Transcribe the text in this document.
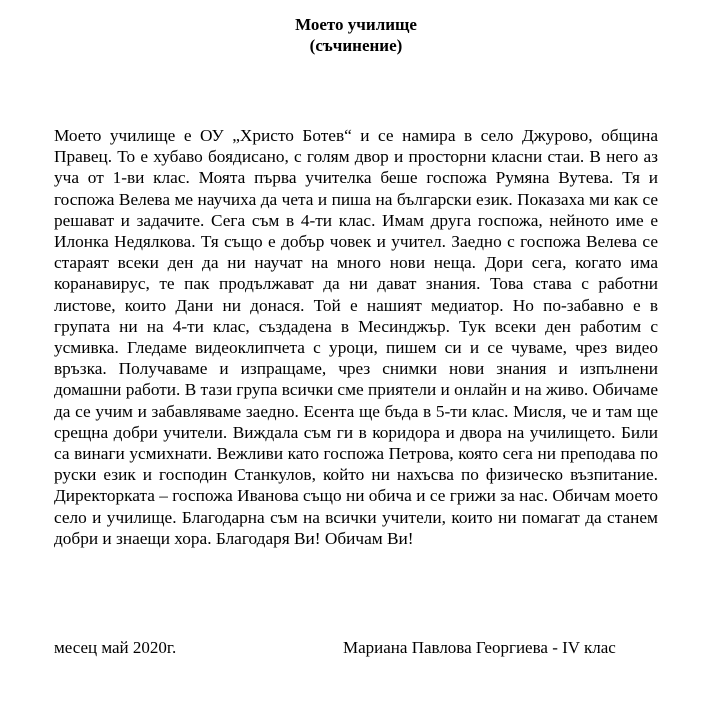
Моето училище
(съчинение)

Моето училище е ОУ „Христо Ботев“ и се намира в село Джурово, община Правец. То е хубаво боядисано, с голям двор и просторни класни стаи. В него аз уча от 1-ви клас. Моята първа учителка беше госпожа Румяна Вутева. Тя и госпожа Велева ме научиха да чета и пиша на български език. Показаха ми как се решават и задачите. Сега съм в 4-ти клас. Имам друга госпожа, нейното име е Илонка Недялкова. Тя също е добър човек и учител. Заедно с госпожа Велева се стараят всеки ден да ни научат на много нови неща. Дори сега, когато има коранавирус, те пак продължават да ни дават знания. Това става с работни листове, които Дани ни донася. Той е нашият медиатор. Но по-забавно е в групата ни на 4-ти клас, създадена в Месинджър. Тук всеки ден работим с усмивка. Гледаме видеоклипчета с уроци, пишем си и се чуваме, чрез видео връзка. Получаваме и изпращаме, чрез снимки нови знания и изпълнени домашни работи. В тази група всички сме приятели и онлайн и на живо. Обичаме да се учим и забавляваме заедно. Есента ще бъда в 5-ти клас. Мисля, че и там ще срещна добри учители. Виждала съм ги в коридора и двора на училището. Били са винаги усмихнати. Вежливи като госпожа Петрова, която сега ни преподава по руски език и господин Станкулов, който ни нахъсва по физическо възпитание. Директорката – госпожа Иванова също ни обича и се грижи за нас. Обичам моето село и училище. Благодарна съм на всички учители, които ни помагат да станем добри и знаещи хора. Благодаря Ви! Обичам Ви!

месец май 2020г.	Мариана Павлова Георгиева - IV клас
